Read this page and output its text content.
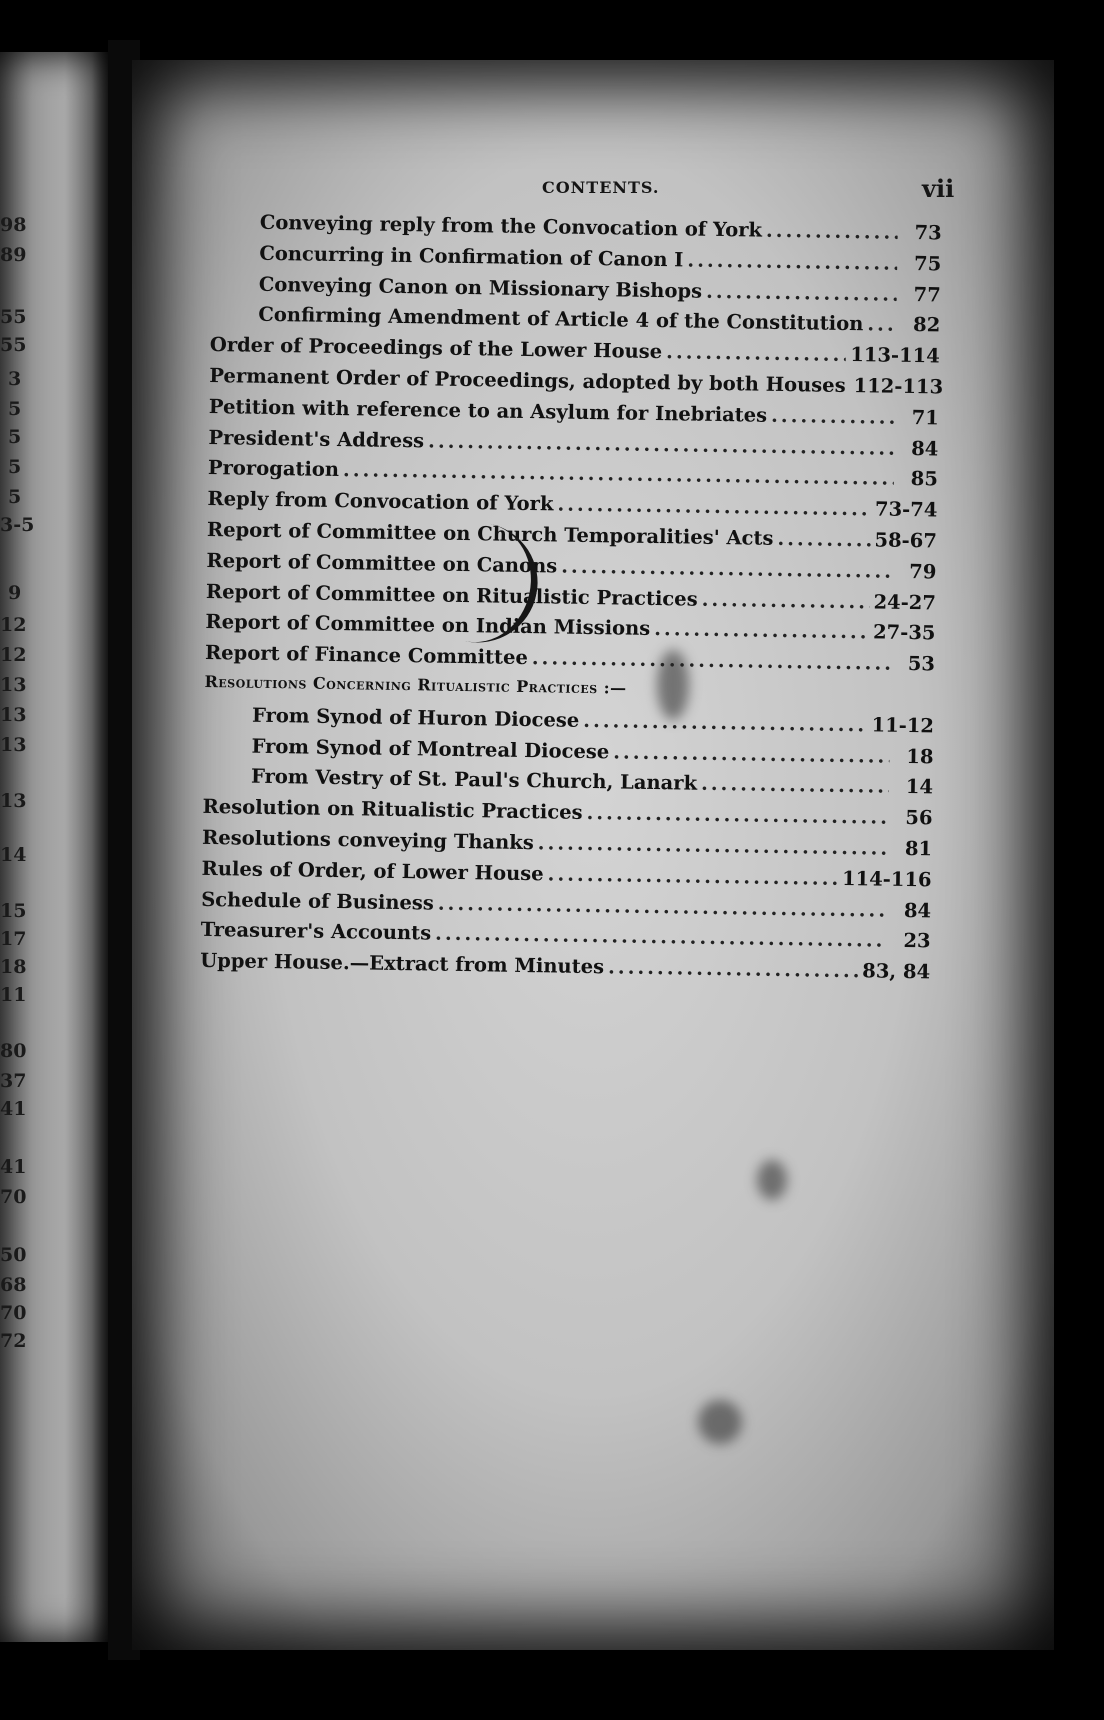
98
89
55
55
3
5
5
5
5
3-5
9
12
12
13
13
13
13
14
15
17
18
11
80
37
41
41
70
50
68
70
72
CONTENTS.	vii
Conveying reply from the Convocation of York .....	73
Concurring in Confirmation of Canon I .....	75
Conveying Canon on Missionary Bishops .....	77
Confirming Amendment of Article 4 of the Constitution .....	82
Order of Proceedings of the Lower House .....	113-114
Permanent Order of Proceedings, adopted by both Houses ..... 112-113
Petition with reference to an Asylum for Inebriates .....	71
President's Address .....	84
Prorogation .....	85
Reply from Convocation of York .....	73-74
Report of Committee on Church Temporalities' Acts .....	58-67
Report of Committee on Canons .....	79
Report of Committee on Ritualistic Practices .....	24-27
Report of Committee on Indian Missions .....	27-35
Report of Finance Committee .....	53
Resolutions Concerning Ritualistic Practices :—
From Synod of Huron Diocese .....	11-12
From Synod of Montreal Diocese .....	18
From Vestry of St. Paul's Church, Lanark .....	14
Resolution on Ritualistic Practices .....	56
Resolutions conveying Thanks .....	81
Rules of Order, of Lower House .....	114-116
Schedule of Business .....	84
Treasurer's Accounts .....	23
Upper House.—Extract from Minutes .....	83, 84
